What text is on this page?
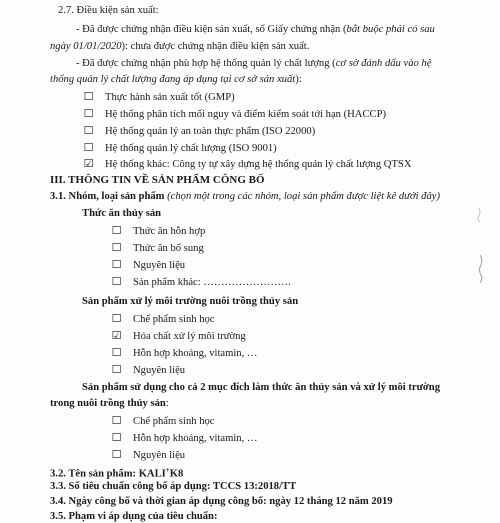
2.7. Điều kiện sản xuất:
- Đã được chứng nhận điều kiện sản xuất, số Giấy chứng nhận (bắt buộc phải có sau
ngày 01/01/2020): chưa được chứng nhận điều kiện sản xuất.
- Đã được chứng nhận phù hợp hệ thống quản lý chất lượng (cơ sở đánh dấu vào hệ
thống quản lý chất lượng đang áp dụng tại cơ sở sản xuất):
☐ Thực hành sản xuất tốt (GMP)
☐ Hệ thống phân tích mối nguy và điểm kiểm soát tới hạn (HACCP)
☐ Hệ thống quản lý an toàn thực phẩm (ISO 22000)
☐ Hệ thống quản lý chất lượng (ISO 9001)
☑ Hệ thống khác: Công ty tự xây dựng hệ thống quản lý chất lượng QTSX
III. THÔNG TIN VỀ SẢN PHẨM CÔNG BỐ
3.1. Nhóm, loại sản phẩm (chọn một trong các nhóm, loại sản phẩm được liệt kê dưới đây)
Thức ăn thủy sản
☐ Thức ăn hỗn hợp
☐ Thức ăn bổ sung
☐ Nguyên liệu
☐ Sản phẩm khác: …………………….
Sản phẩm xử lý môi trường nuôi trồng thủy sản
☐ Chế phẩm sinh học
☑ Hóa chất xử lý môi trường
☐ Hỗn hợp khoáng, vitamin, …
☐ Nguyên liệu
Sản phẩm sử dụng cho cả 2 mục đích làm thức ăn thủy sản và xử lý môi trường
trong nuôi trồng thủy sản:
☐ Chế phẩm sinh học
☐ Hỗn hợp khoáng, vitamin, …
☐ Nguyên liệu
3.2. Tên sản phẩm: KALI+K8
3.3. Số tiêu chuẩn công bố áp dụng: TCCS 13:2018/TT
3.4. Ngày công bố và thời gian áp dụng công bố: ngày 12 tháng 12 năm 2019
3.5. Phạm vi áp dụng của tiêu chuẩn:
